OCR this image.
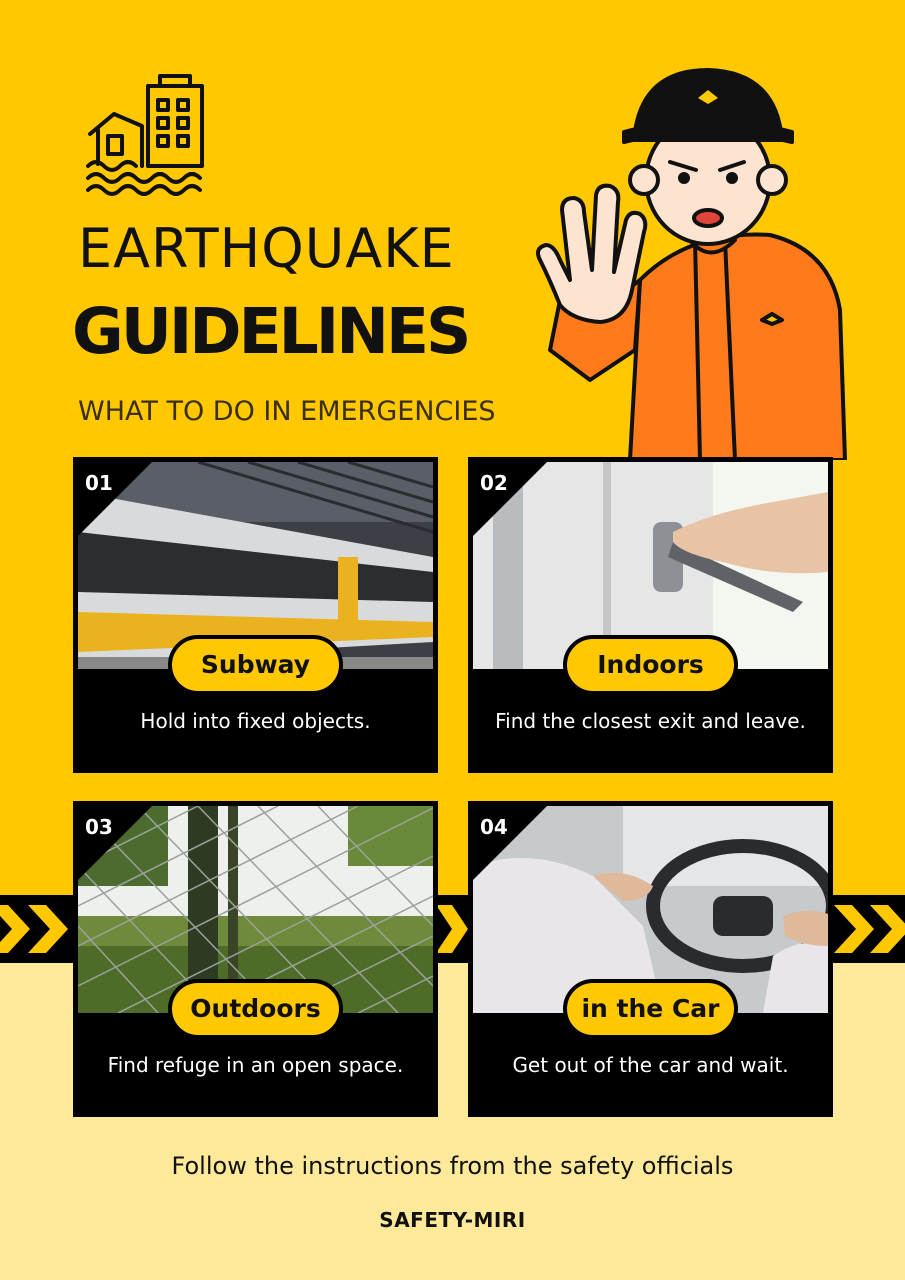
EARTHQUAKE
GUIDELINES
WHAT TO DO IN EMERGENCIES
01
Subway
Hold into fixed objects.
02
Indoors
Find the closest exit and leave.
03
Outdoors
Find refuge in an open space.
04
in the Car
Get out of the car and wait.
Follow the instructions from the safety officials
SAFETY-MIRI
